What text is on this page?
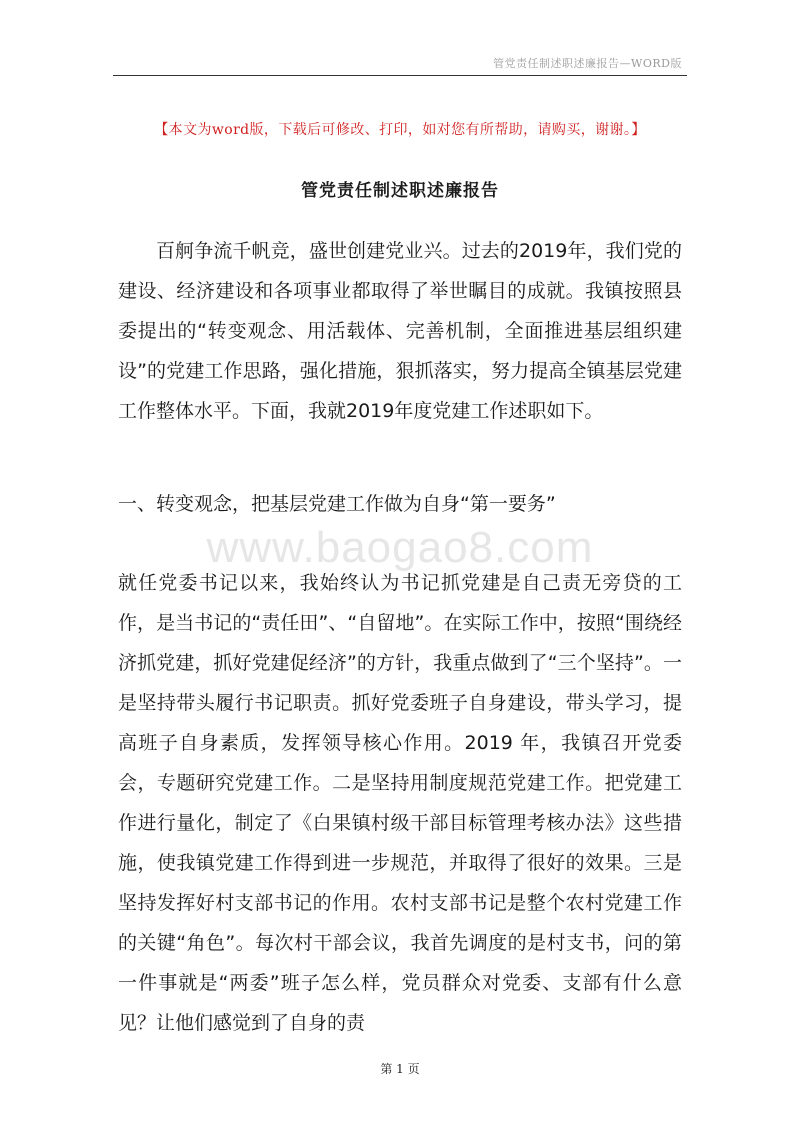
管党责任制述职述廉报告—WORD版
【本文为word版，下载后可修改、打印，如对您有所帮助，请购买，谢谢。】
管党责任制述职述廉报告

百舸争流千帆竞，盛世创建党业兴。过去的2019年，我们党的建设、经济建设和各项事业都取得了举世瞩目的成就。我镇按照县委提出的“转变观念、用活载体、完善机制，全面推进基层组织建设”的党建工作思路，强化措施，狠抓落实，努力提高全镇基层党建工作整体水平。下面，我就2019年度党建工作述职如下。

一、转变观念，把基层党建工作做为自身“第一要务”
www.baogao8.com

就任党委书记以来，我始终认为书记抓党建是自己责无旁贷的工作，是当书记的“责任田”、“自留地”。在实际工作中，按照“围绕经济抓党建，抓好党建促经济”的方针，我重点做到了“三个坚持”。一是坚持带头履行书记职责。抓好党委班子自身建设，带头学习，提高班子自身素质，发挥领导核心作用。2019 年，我镇召开党委会，专题研究党建工作。二是坚持用制度规范党建工作。把党建工作进行量化，制定了《白果镇村级干部目标管理考核办法》这些措施，使我镇党建工作得到进一步规范，并取得了很好的效果。三是坚持发挥好村支部书记的作用。农村支部书记是整个农村党建工作的关键“角色”。每次村干部会议，我首先调度的是村支书，问的第一件事就是“两委”班子怎么样，党员群众对党委、支部有什么意见？让他们感觉到了自身的责

第 1 页
